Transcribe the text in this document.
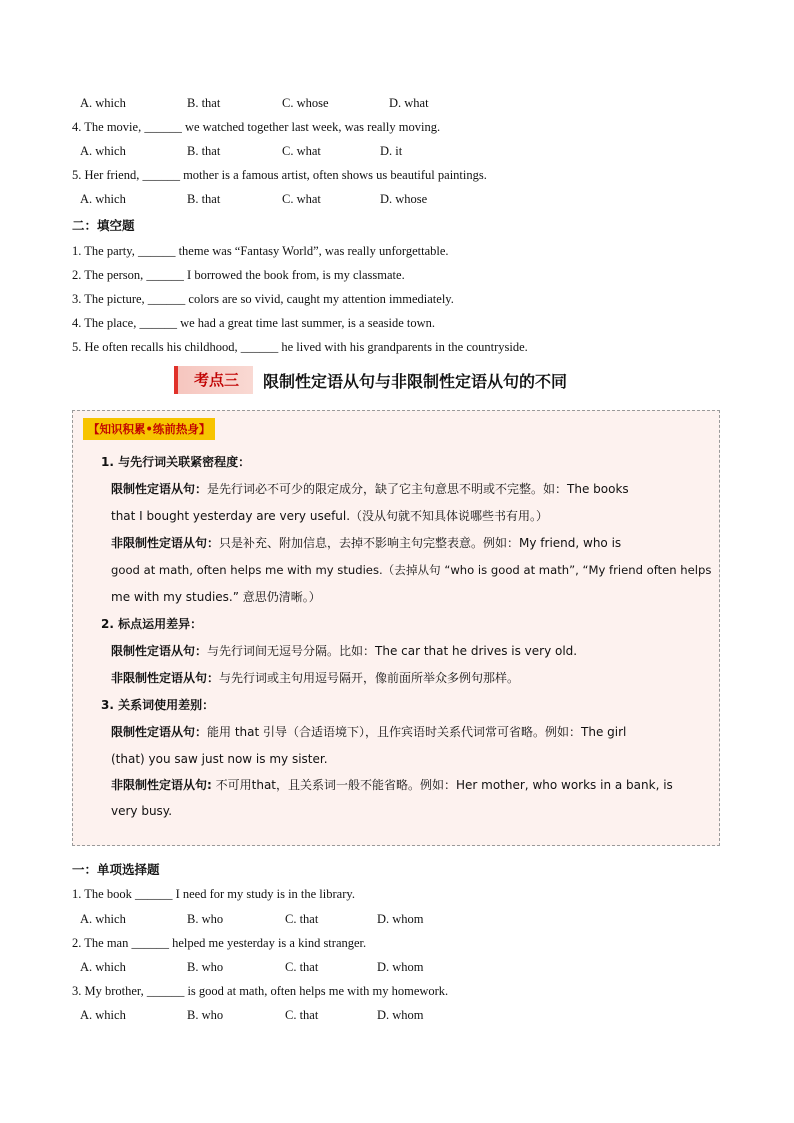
A. which	B. that	C. whose	D. what
4. The movie, ______ we watched together last week, was really moving.
A. which	B. that	C. what	D. it
5. Her friend, ______ mother is a famous artist, often shows us beautiful paintings.
A. which	B. that	C. what	D. whose
二：填空题
1. The party, ______ theme was “Fantasy World”, was really unforgettable.
2. The person, ______ I borrowed the book from, is my classmate.
3. The picture, ______ colors are so vivid, caught my attention immediately.
4. The place, ______ we had a great time last summer, is a seaside town.
5. He often recalls his childhood, ______ he lived with his grandparents in the countryside.
考点三	限制性定语从句与非限制性定语从句的不同
【知识积累•练前热身】
1. 与先行词关联紧密程度：
限制性定语从句：是先行词必不可少的限定成分，缺了它主句意思不明或不完整。如：The books
that I bought yesterday are very useful.（没从句就不知具体说哪些书有用。）
非限制性定语从句：只是补充、附加信息，去掉不影响主句完整表意。例如：My friend, who is
good at math, often helps me with my studies.（去掉从句 “who is good at math”, “My friend often helps
me with my studies.” 意思仍清晰。）
2. 标点运用差异：
限制性定语从句：与先行词间无逗号分隔。比如：The car that he drives is very old.
非限制性定语从句：与先行词或主句用逗号隔开，像前面所举众多例句那样。
3. 关系词使用差别：
限制性定语从句：能用 that 引导（合适语境下），且作宾语时关系代词常可省略。例如：The girl
(that) you saw just now is my sister.
非限制性定语从句: 不可用that，且关系词一般不能省略。例如：Her mother, who works in a bank, is
very busy.
一：单项选择题
1. The book ______ I need for my study is in the library.
A. which	B. who	C. that	D. whom
2. The man ______ helped me yesterday is a kind stranger.
A. which	B. who	C. that	D. whom
3. My brother, ______ is good at math, often helps me with my homework.
A. which	B. who	C. that	D. whom
